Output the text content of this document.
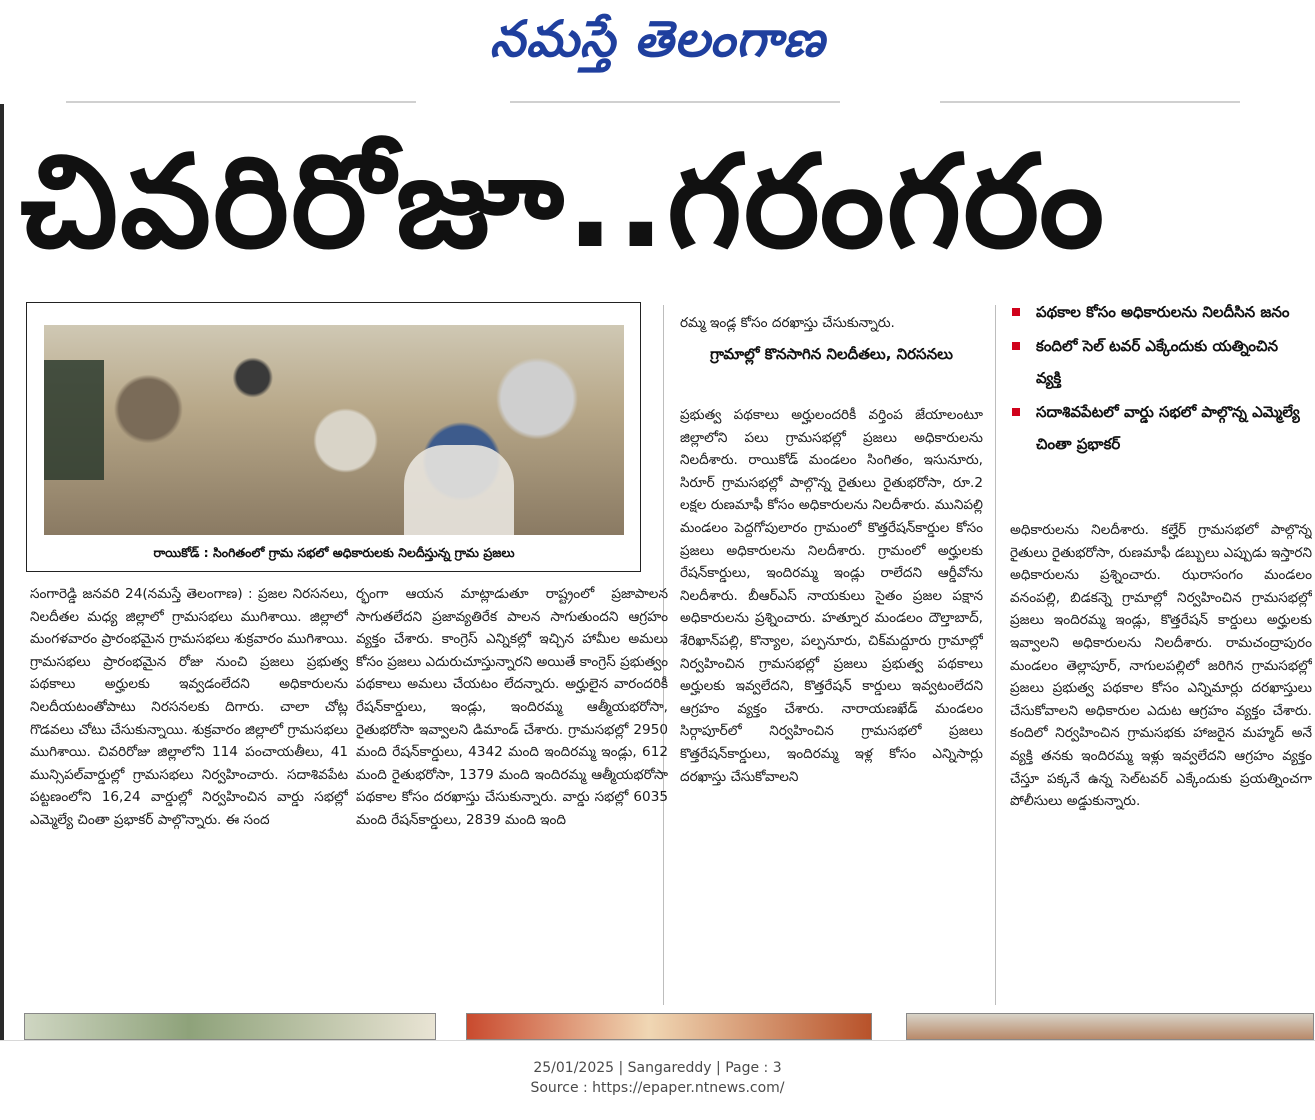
నమస్తే తెలంగాణ
చివరిరోజూ..గరంగరం
రాయికోడ్ : సింగితంలో గ్రామ సభలో అధికారులకు నిలదీస్తున్న గ్రామ ప్రజలు
పథకాల కోసం అధికారులను నిలదీసిన జనం
కందిలో సెల్ టవర్ ఎక్కేందుకు యత్నించిన వ్యక్తి
సదాశివపేటలో వార్డు సభలో పాల్గొన్న ఎమ్మెల్యే చింతా ప్రభాకర్

సంగారెడ్డి జనవరి 24(నమస్తే తెలంగాణ) : ప్రజల నిరసనలు, నిలదీతల మధ్య జిల్లాలో గ్రామసభలు ముగిశాయి. జిల్లాలో మంగళవారం ప్రారంభమైన గ్రామసభలు శుక్రవారం ముగిశాయి. గ్రామసభలు ప్రారంభమైన రోజు నుంచి ప్రజలు ప్రభుత్వ పథకాలు అర్హులకు ఇవ్వడంలేదని అధికారులను నిలదీయటంతోపాటు నిరసనలకు దిగారు. చాలా చోట్ల గొడవలు చోటు చేసుకున్నాయి. శుక్రవారం జిల్లాలో గ్రామసభలు ముగిశాయి. చివరిరోజు జిల్లాలోని 114 పంచాయతీలు, 41 మున్సిపల్‌వార్డుల్లో గ్రామసభలు నిర్వహించారు. సదాశివపేట పట్టణంలోని 16,24 వార్డుల్లో నిర్వహించిన వార్డు సభల్లో ఎమ్మెల్యే చింతా ప్రభాకర్ పాల్గొన్నారు. ఈ సంద

ర్భంగా ఆయన మాట్లాడుతూ రాష్ట్రంలో ప్రజాపాలన సాగుతలేదని ప్రజావ్యతిరేక పాలన సాగుతుందని ఆగ్రహం వ్యక్తం చేశారు. కాంగ్రెస్ ఎన్నికల్లో ఇచ్చిన హామీల అమలు కోసం ప్రజలు ఎదురుచూస్తున్నారని అయితే కాంగ్రెస్ ప్రభుత్వం పథకాలు అమలు చేయటం లేదన్నారు. అర్హులైన వారందరికీ రేషన్‌కార్డులు, ఇండ్లు, ఇందిరమ్మ ఆత్మీయభరోసా, రైతుభరోసా ఇవ్వాలని డిమాండ్ చేశారు. గ్రామసభల్లో 2950 మంది రేషన్‌కార్డులు, 4342 మంది ఇందిరమ్మ ఇండ్లు, 612 మంది రైతుభరోసా, 1379 మంది ఇందిరమ్మ ఆత్మీయభరోసా పథకాల కోసం దరఖాస్తు చేసుకున్నారు. వార్డు సభల్లో 6035 మంది రేషన్‌కార్డులు, 2839 మంది ఇంది

రమ్మ ఇండ్ల కోసం దరఖాస్తు చేసుకున్నారు.
గ్రామాల్లో కొనసాగిన నిలదీతలు, నిరసనలు

ప్రభుత్వ పథకాలు అర్హులందరికీ వర్తింప జేయాలంటూ జిల్లాలోని పలు గ్రామసభల్లో ప్రజలు అధికారులను నిలదీశారు. రాయికోడ్ మండలం సింగితం, ఇసునూరు, సిరూర్ గ్రామసభల్లో పాల్గొన్న రైతులు రైతుభరోసా, రూ.2 లక్షల రుణమాఫీ కోసం అధికారులను నిలదీశారు. మునిపల్లి మండలం పెద్దగోపులారం గ్రామంలో కొత్తరేషన్‌కార్డుల కోసం ప్రజలు అధికారులను నిలదీశారు. గ్రామంలో అర్హులకు రేషన్‌కార్డులు, ఇందిరమ్మ ఇండ్లు రాలేదని ఆర్డీవోను నిలదీశారు. బీఆర్‌ఎస్ నాయకులు సైతం ప్రజల పక్షాన అధికారులను ప్రశ్నించారు. హత్నూర మండలం దౌల్తాబాద్, శేరిఖాన్‌పల్లి, కొన్యాల, పల్పనూరు, చిక్‌మద్దూరు గ్రామాల్లో నిర్వహించిన గ్రామసభల్లో ప్రజలు ప్రభుత్వ పథకాలు అర్హులకు ఇవ్వలేదని, కొత్తరేషన్ కార్డులు ఇవ్వటంలేదని ఆగ్రహం వ్యక్తం చేశారు. నారాయణఖేడ్ మండలం సిర్గాపూర్‌లో నిర్వహించిన గ్రామసభలో ప్రజలు కొత్తరేషన్‌కార్డులు, ఇందిరమ్మ ఇళ్ల కోసం ఎన్నిసార్లు దరఖాస్తు చేసుకోవాలని

అధికారులను నిలదీశారు. కల్హేర్ గ్రామసభలో పాల్గొన్న రైతులు రైతుభరోసా, రుణమాఫీ డబ్బులు ఎప్పుడు ఇస్తారని అధికారులను ప్రశ్నించారు. ఝరాసంగం మండలం వనంపల్లి, బిడకన్నె గ్రామాల్లో నిర్వహించిన గ్రామసభల్లో ప్రజలు ఇందిరమ్మ ఇండ్లు, కొత్తరేషన్ కార్డులు అర్హులకు ఇవ్వాలని అధికారులను నిలదీశారు. రామచంద్రాపురం మండలం తెల్లాపూర్, నాగులపల్లిలో జరిగిన గ్రామసభల్లో ప్రజలు ప్రభుత్వ పథకాల కోసం ఎన్నిమార్లు దరఖాస్తులు చేసుకోవాలని అధికారుల ఎదుట ఆగ్రహం వ్యక్తం చేశారు. కందిలో నిర్వహించిన గ్రామసభకు హాజరైన మహ్మద్ అనే వ్యక్తి తనకు ఇందిరమ్మ ఇళ్లు ఇవ్వలేదని ఆగ్రహం వ్యక్తం చేస్తూ పక్కనే ఉన్న సెల్‌టవర్ ఎక్కేందుకు ప్రయత్నించగా పోలీసులు అడ్డుకున్నారు.

25/01/2025 | Sangareddy | Page : 3
Source : https://epaper.ntnews.com/
